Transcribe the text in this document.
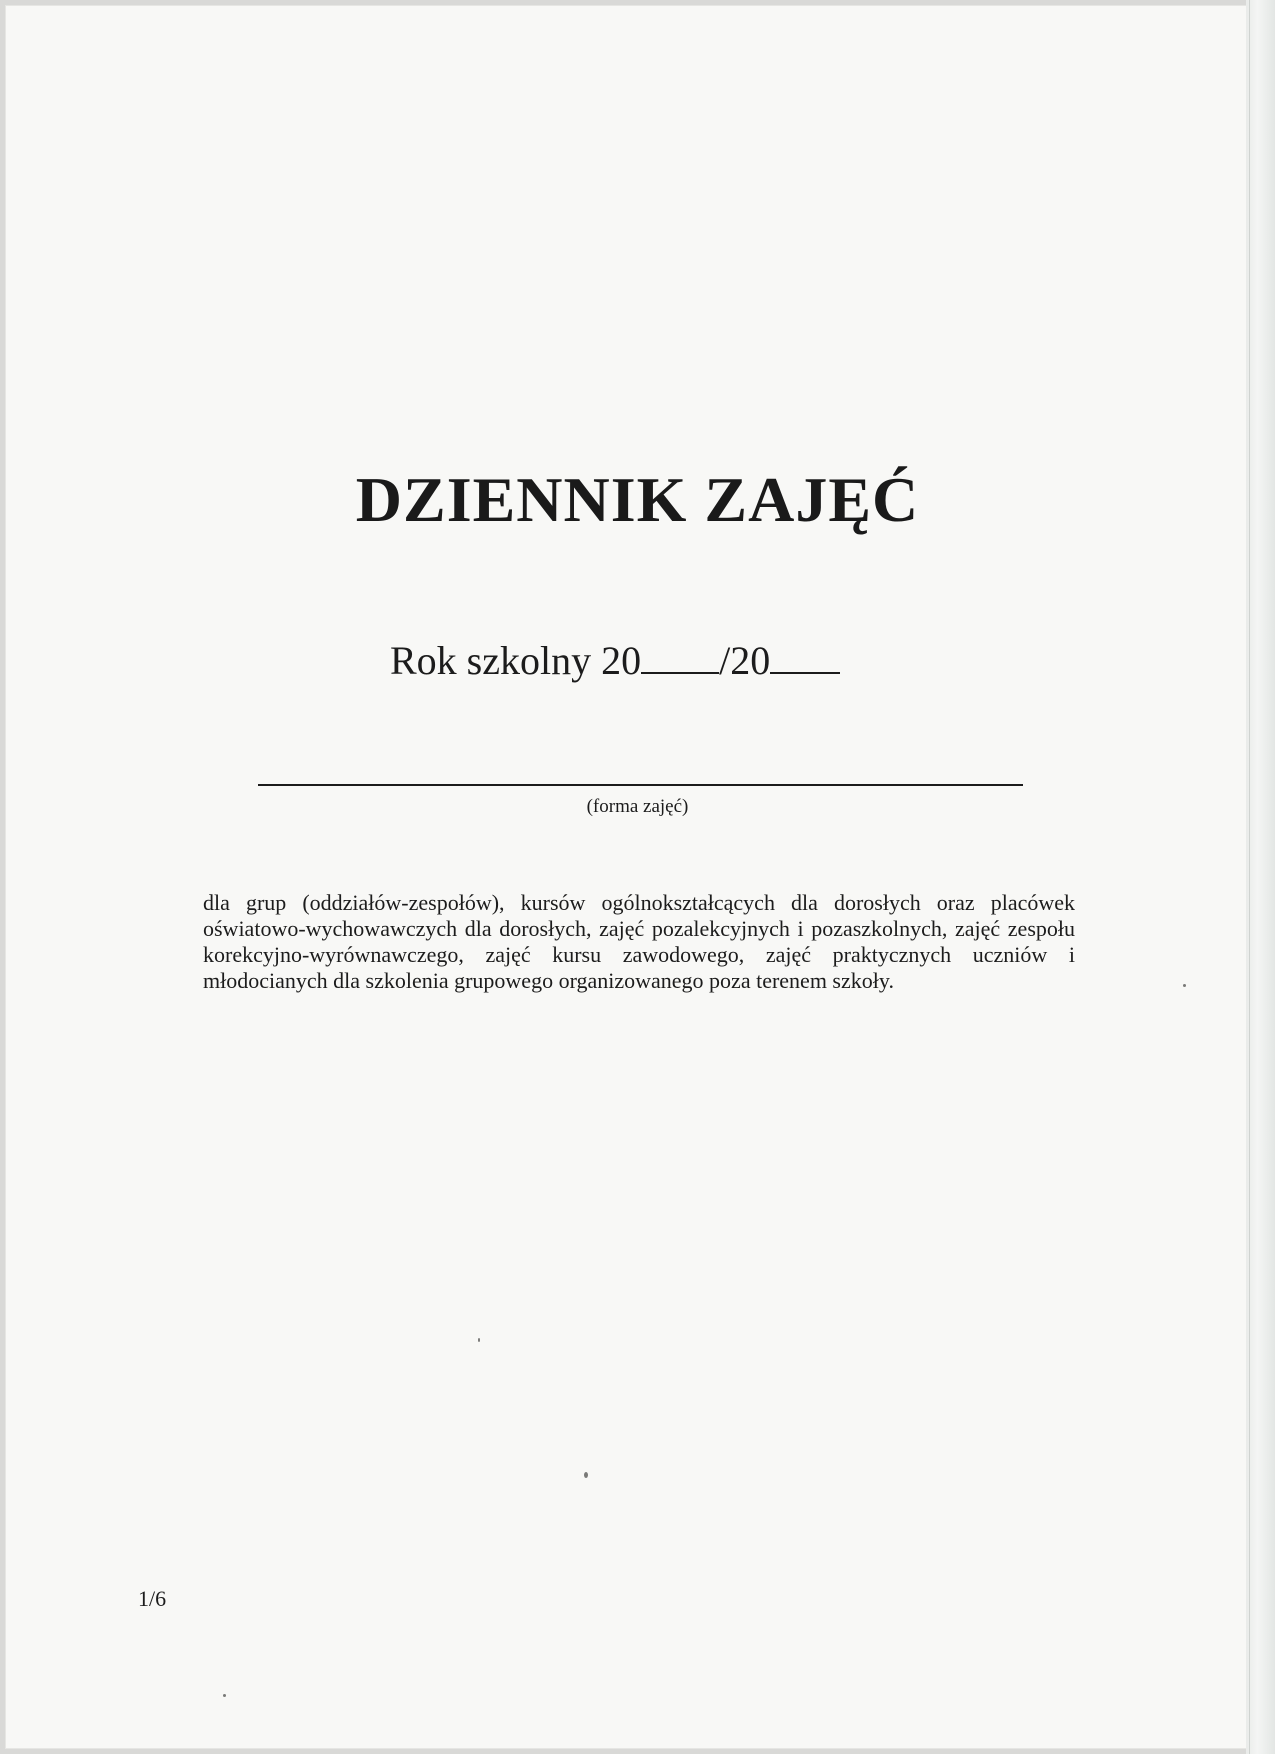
DZIENNIK ZAJĘĆ
Rok szkolny 20 /20
(forma zajęć)

dla grup (oddziałów-zespołów), kursów ogólnokształcących dla dorosłych oraz placówek oświatowo-wychowawczych dla dorosłych, zajęć pozalekcyjnych i pozaszkolnych, zajęć zespołu korekcyjno-wyrównawczego, zajęć kursu zawodowego, zajęć praktycznych uczniów i młodocianych dla szkolenia grupowego organizowanego poza terenem szkoły.

1/6
